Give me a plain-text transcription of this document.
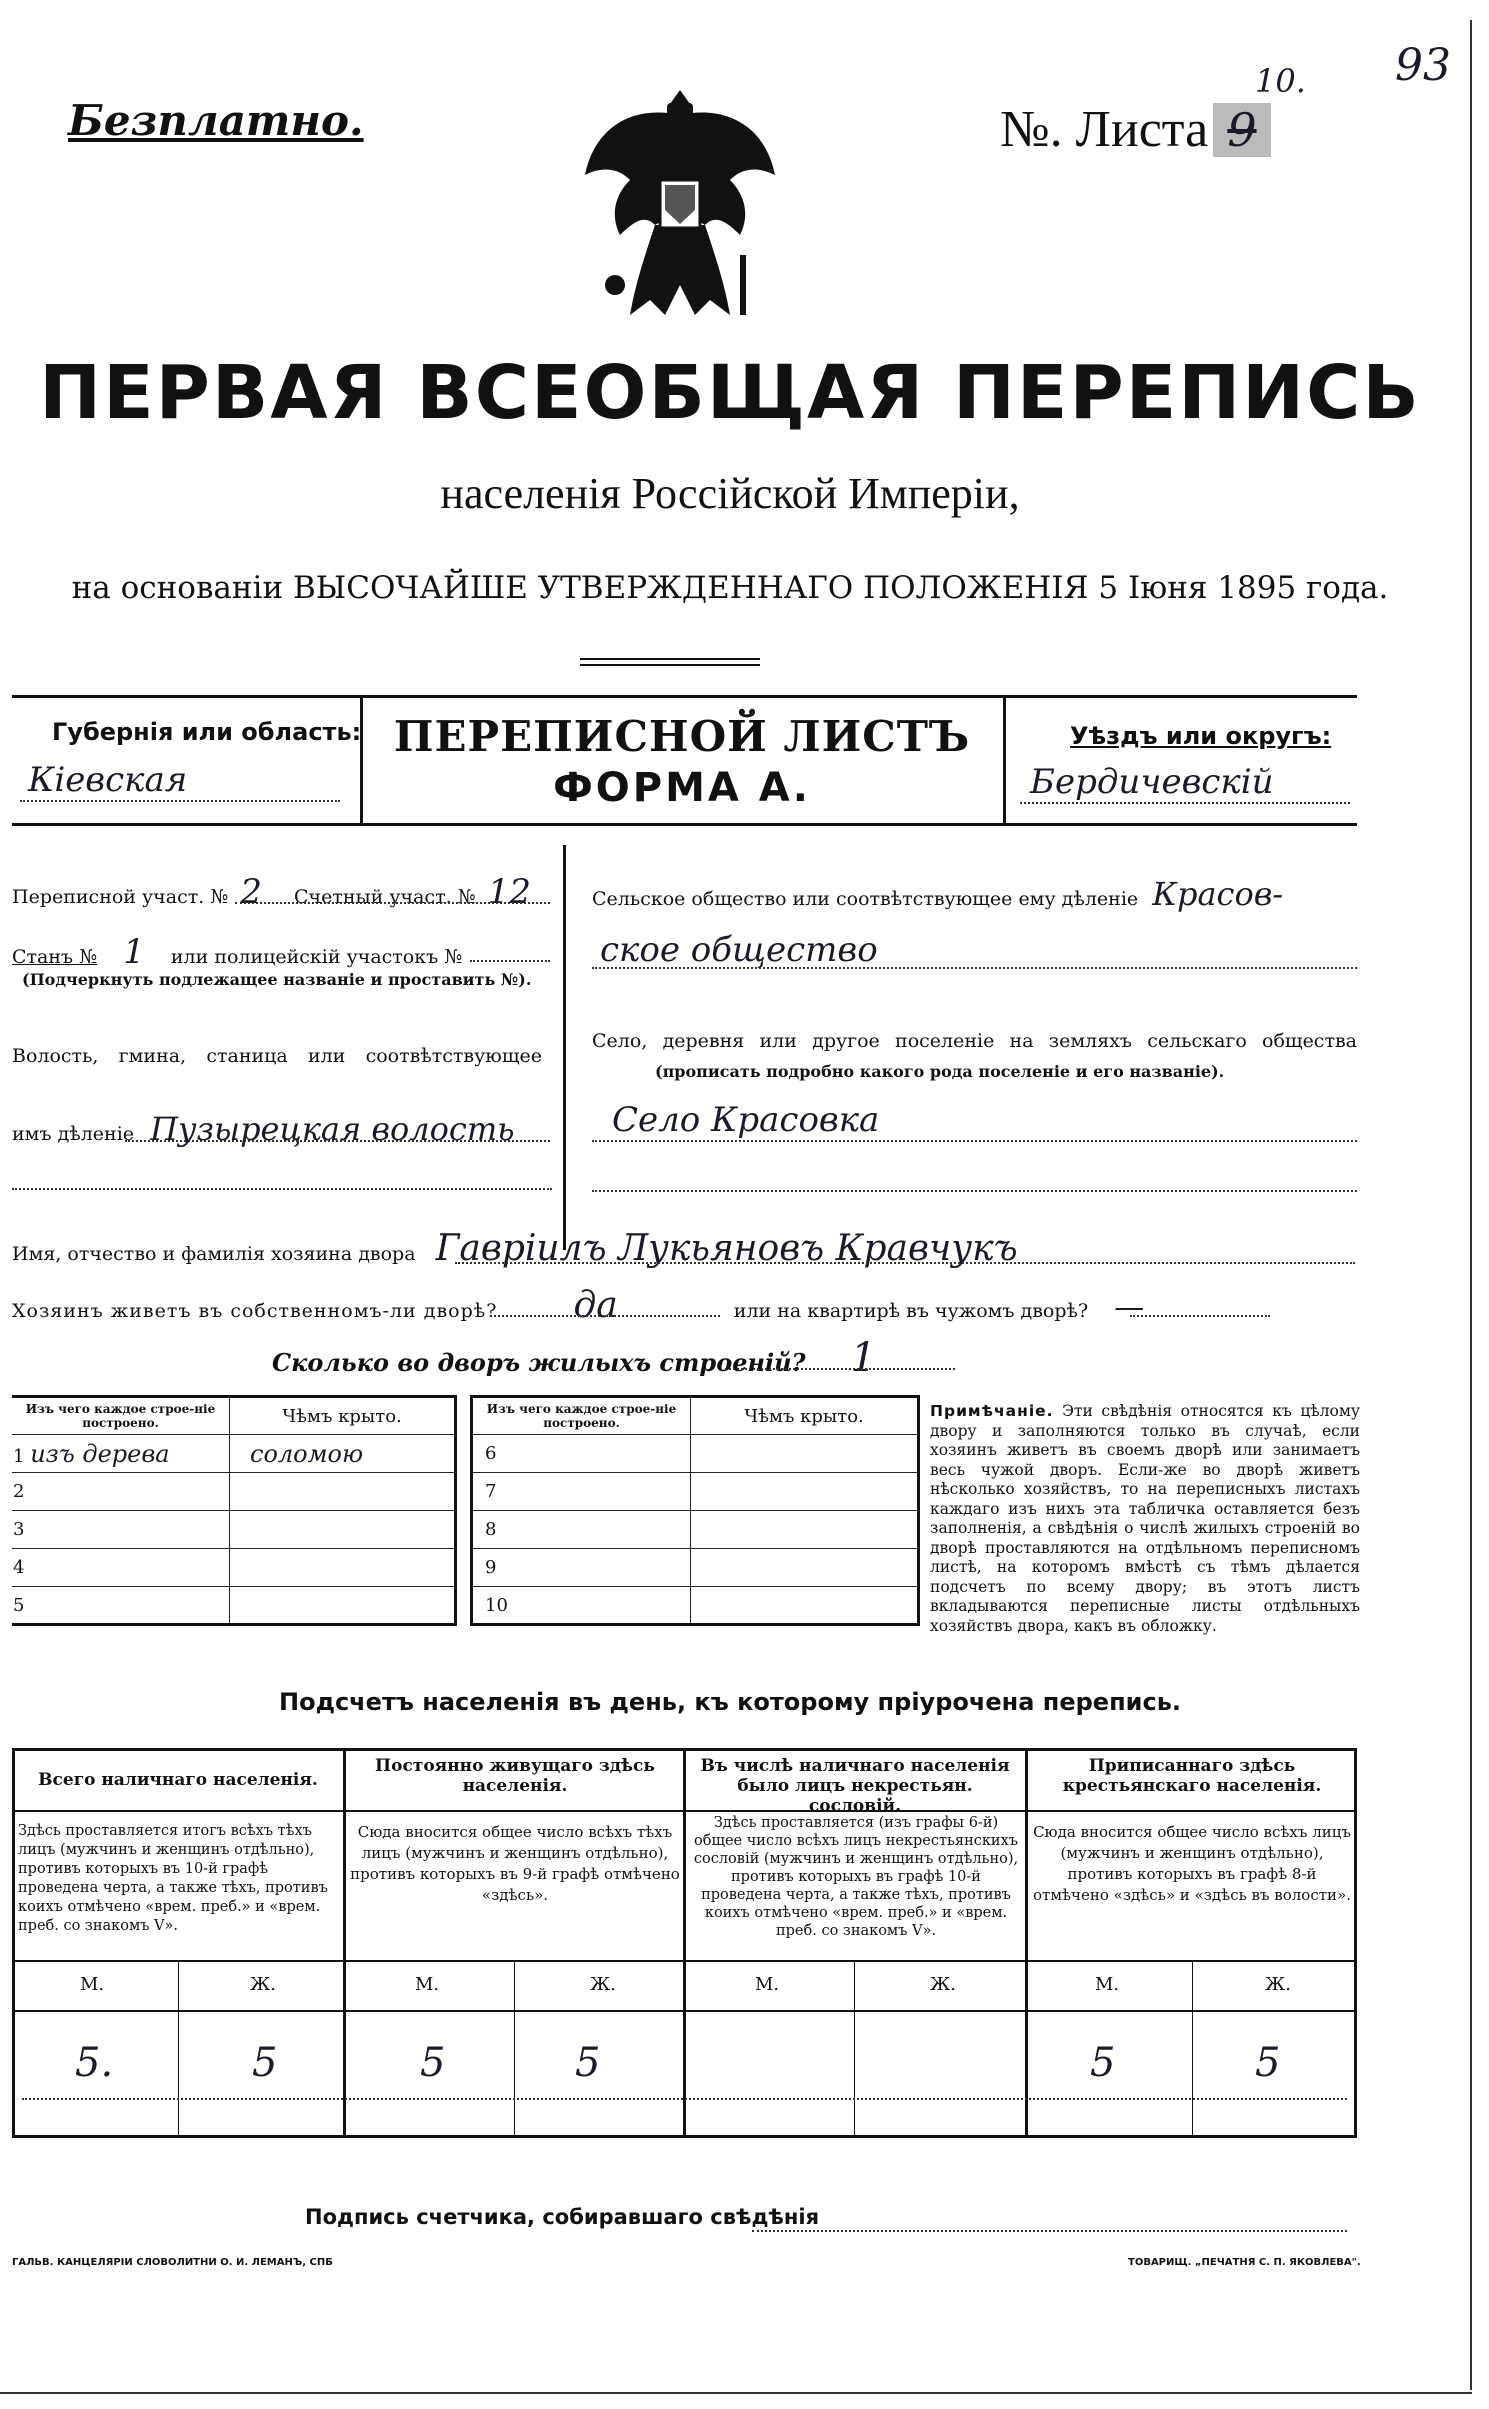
Безплатно.	№. Листа 9
10. 93
ПЕРВАЯ ВСЕОБЩАЯ ПЕРЕПИСЬ
населенія Россійской Имперіи,
на основаніи ВЫСОЧАЙШЕ УТВЕРЖДЕННАГО ПОЛОЖЕНІЯ 5 Іюня 1895 года.
Губернія или область:
Кіевская
ПЕРЕПИСНОЙ ЛИСТЪ
ФОРМА А.
Уѣздъ или округъ:
Бердичевскій
Переписной участ. № 2 Счетный участ. № 12
Станъ № 1 или полицейскій участокъ №
(Подчеркнуть подлежащее названіе и проставить №).
Волость, гмина, станица или соотвѣтствующее
имъ дѣленіе Пузырецкая волость
Сельское общество или соотвѣтствующее ему дѣленіе Красов-
ское общество
Село, деревня или другое поселеніе на земляхъ сельскаго общества
(прописать подробно какого рода поселеніе и его названіе).
Село Красовка
Имя, отчество и фамилія хозяина двора Гавріилъ Лукьяновъ Кравчукъ
Хозяинъ живетъ въ собственномъ-ли дворѣ? да	или на квартирѣ въ чужомъ дворѣ? —
Сколько во дворъ жилыхъ строеній? 1
Изъ чего каждое строе-ніе построено.	Чѣмъ крыто.
1 изъ дерева	соломою
2	
3	
4	
5	
Изъ чего каждое строе-ніе построено.	Чѣмъ крыто.
6	
7	
8	
9	
10	
Примѣчаніе. Эти свѣдѣнія относятся къ цѣлому двору и заполняются только въ случаѣ, если хозяинъ живетъ въ своемъ дворѣ или занимаетъ весь чужой дворъ. Если-же во дворѣ живетъ нѣсколько хозяйствъ, то на переписныхъ листахъ каждаго изъ нихъ эта табличка оставляется безъ заполненія, а свѣдѣнія о числѣ жилыхъ строеній во дворѣ проставляются на отдѣльномъ переписномъ листѣ, на которомъ вмѣстѣ съ тѣмъ дѣлается подсчетъ по всему двору; въ этотъ листъ вкладываются переписные листы отдѣльныхъ хозяйствъ двора, какъ въ обложку.
Подсчетъ населенія въ день, къ которому пріурочена перепись.
Всего наличнаго населенія.
Здѣсь проставляется итогъ всѣхъ тѣхъ лицъ (мужчинъ и женщинъ отдѣльно), противъ которыхъ въ 10-й графѣ проведена черта, а также тѣхъ, противъ коихъ отмѣчено «врем. преб.» и «врем. преб. со знакомъ V».
М.	Ж.
5.	5
Постоянно живущаго здѣсь населенія.
Сюда вносится общее число всѣхъ тѣхъ лицъ (мужчинъ и женщинъ отдѣльно), противъ которыхъ въ 9-й графѣ отмѣчено «здѣсь».
М.	Ж.
5	5
Въ числѣ наличнаго населенія было лицъ некрестьян. сословій.
Здѣсь проставляется (изъ графы 6-й) общее число всѣхъ лицъ некрестьянскихъ сословій (мужчинъ и женщинъ отдѣльно), противъ которыхъ въ графѣ 10-й проведена черта, а также тѣхъ, противъ коихъ отмѣчено «врем. преб.» и «врем. преб. со знакомъ V».
М.	Ж.
Приписаннаго здѣсь крестьянскаго населенія.
Сюда вносится общее число всѣхъ лицъ (мужчинъ и женщинъ отдѣльно), противъ которыхъ въ графѣ 8-й отмѣчено «здѣсь» и «здѣсь въ волости».
М.	Ж.
5	5
Подпись счетчика, собиравшаго свѣдѣнія
ГАЛЬВ. КАНЦЕЛЯРІИ СЛОВОЛИТНИ О. И. ЛЕМАНЪ, СПБ	ТОВАРИЩ. „ПЕЧАТНЯ С. П. ЯКОВЛЕВА".
